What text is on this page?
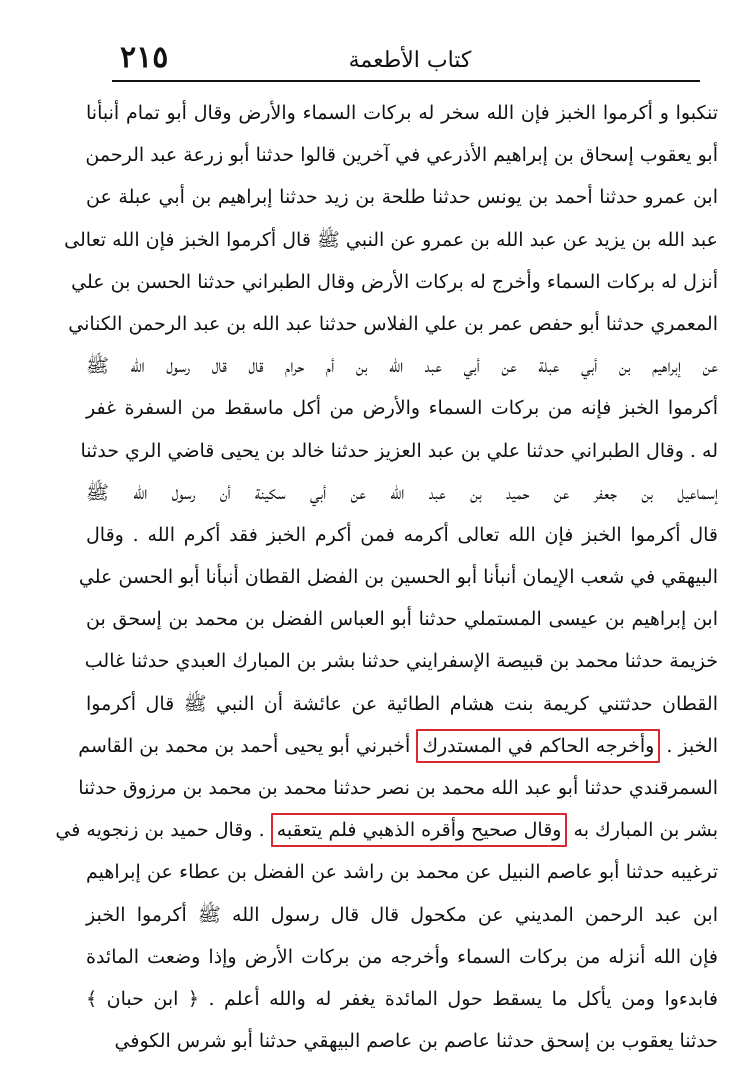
٢١٥	كتاب الأطعمة
تنكبوا و أكرموا الخبز فإن الله سخر له بركات السماء والأرض وقال أبو تمام أنبأنا
أبو يعقوب إسحاق بن إبراهيم الأذرعي في آخرين قالوا حدثنا أبو زرعة عبد الرحمن
ابن عمرو حدثنا أحمد بن يونس حدثنا طلحة بن زيد حدثنا إبراهيم بن أبي عبلة عن
عبد الله بن يزيد عن عبد الله بن عمرو عن النبي ﷺ قال أكرموا الخبز فإن الله تعالى
أنزل له بركات السماء وأخرج له بركات الأرض وقال الطبراني حدثنا الحسن بن علي
المعمري حدثنا أبو حفص عمر بن علي الفلاس حدثنا عبد الله بن عبد الرحمن الكناني
عن إبراهيم بن أبي عبلة عن أبي عبد الله بن أم حرام قال قال رسول الله ﷺ
أكرموا الخبز فإنه من بركات السماء والأرض من أكل ماسقط من السفرة غفر
له . وقال الطبراني حدثنا علي بن عبد العزيز حدثنا خالد بن يحيى قاضي الري حدثنا
إسماعيل بن جعفر عن حميد بن عبد الله عن أبي سكينة أن رسول الله ﷺ
قال أكرموا الخبز فإن الله تعالى أكرمه فمن أكرم الخبز فقد أكرم الله . وقال
البيهقي في شعب الإيمان أنبأنا أبو الحسين بن الفضل القطان أنبأنا أبو الحسن علي
ابن إبراهيم بن عيسى المستملي حدثنا أبو العباس الفضل بن محمد بن إسحق بن
خزيمة حدثنا محمد بن قبيصة الإسفرايني حدثنا بشر بن المبارك العبدي حدثنا غالب
القطان حدثتني كريمة بنت هشام الطائية عن عائشة أن النبي ﷺ قال أكرموا
الخبز . وأخرجه الحاكم في المستدرك أخبرني أبو يحيى أحمد بن محمد بن القاسم
السمرقندي حدثنا أبو عبد الله محمد بن نصر حدثنا محمد بن محمد بن مرزوق حدثنا
بشر بن المبارك به وقال صحيح وأقره الذهبي فلم يتعقبه . وقال حميد بن زنجويه في
ترغيبه حدثنا أبو عاصم النبيل عن محمد بن راشد عن الفضل بن عطاء عن إبراهيم
ابن عبد الرحمن المديني عن مكحول قال قال رسول الله ﷺ أكرموا الخبز
فإن الله أنزله من بركات السماء وأخرجه من بركات الأرض وإذا وضعت المائدة
فابدءوا ومن يأكل ما يسقط حول المائدة يغفر له والله أعلم . ﴿ ابن حبان ﴾
حدثنا يعقوب بن إسحق حدثنا عاصم بن عاصم البيهقي حدثنا أبو شرس الكوفي
